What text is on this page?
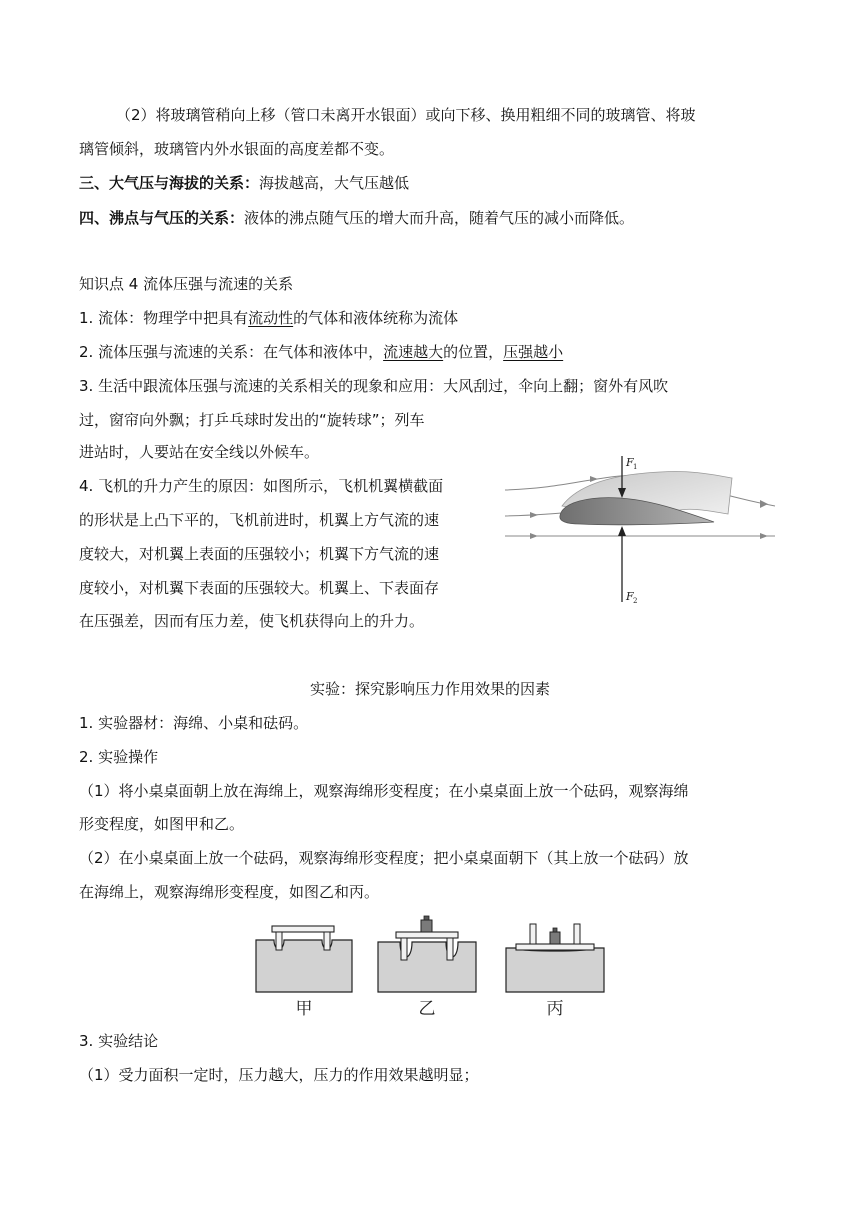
（2）将玻璃管稍向上移（管口未离开水银面）或向下移、换用粗细不同的玻璃管、将玻
璃管倾斜，玻璃管内外水银面的高度差都不变。
三、大气压与海拔的关系：海拔越高，大气压越低
四、沸点与气压的关系：液体的沸点随气压的增大而升高，随着气压的减小而降低。
知识点 4 流体压强与流速的关系
1. 流体：物理学中把具有流动性的气体和液体统称为流体
2. 流体压强与流速的关系：在气体和液体中，流速越大的位置，压强越小
3. 生活中跟流体压强与流速的关系相关的现象和应用：大风刮过，伞向上翻；窗外有风吹
过，窗帘向外飘；打乒乓球时发出的“旋转球”；列车
进站时，人要站在安全线以外候车。
4. 飞机的升力产生的原因：如图所示，飞机机翼横截面
的形状是上凸下平的，飞机前进时，机翼上方气流的速
度较大，对机翼上表面的压强较小；机翼下方气流的速
度较小，对机翼下表面的压强较大。机翼上、下表面存
在压强差，因而有压力差，使飞机获得向上的升力。
F 1
F 2
实验：探究影响压力作用效果的因素
1. 实验器材：海绵、小桌和砝码。
2. 实验操作
（1）将小桌桌面朝上放在海绵上，观察海绵形变程度；在小桌桌面上放一个砝码，观察海绵
形变程度，如图甲和乙。
（2）在小桌桌面上放一个砝码，观察海绵形变程度；把小桌桌面朝下（其上放一个砝码）放
在海绵上，观察海绵形变程度，如图乙和丙。
甲	乙	丙
3. 实验结论
（1）受力面积一定时，压力越大，压力的作用效果越明显；
